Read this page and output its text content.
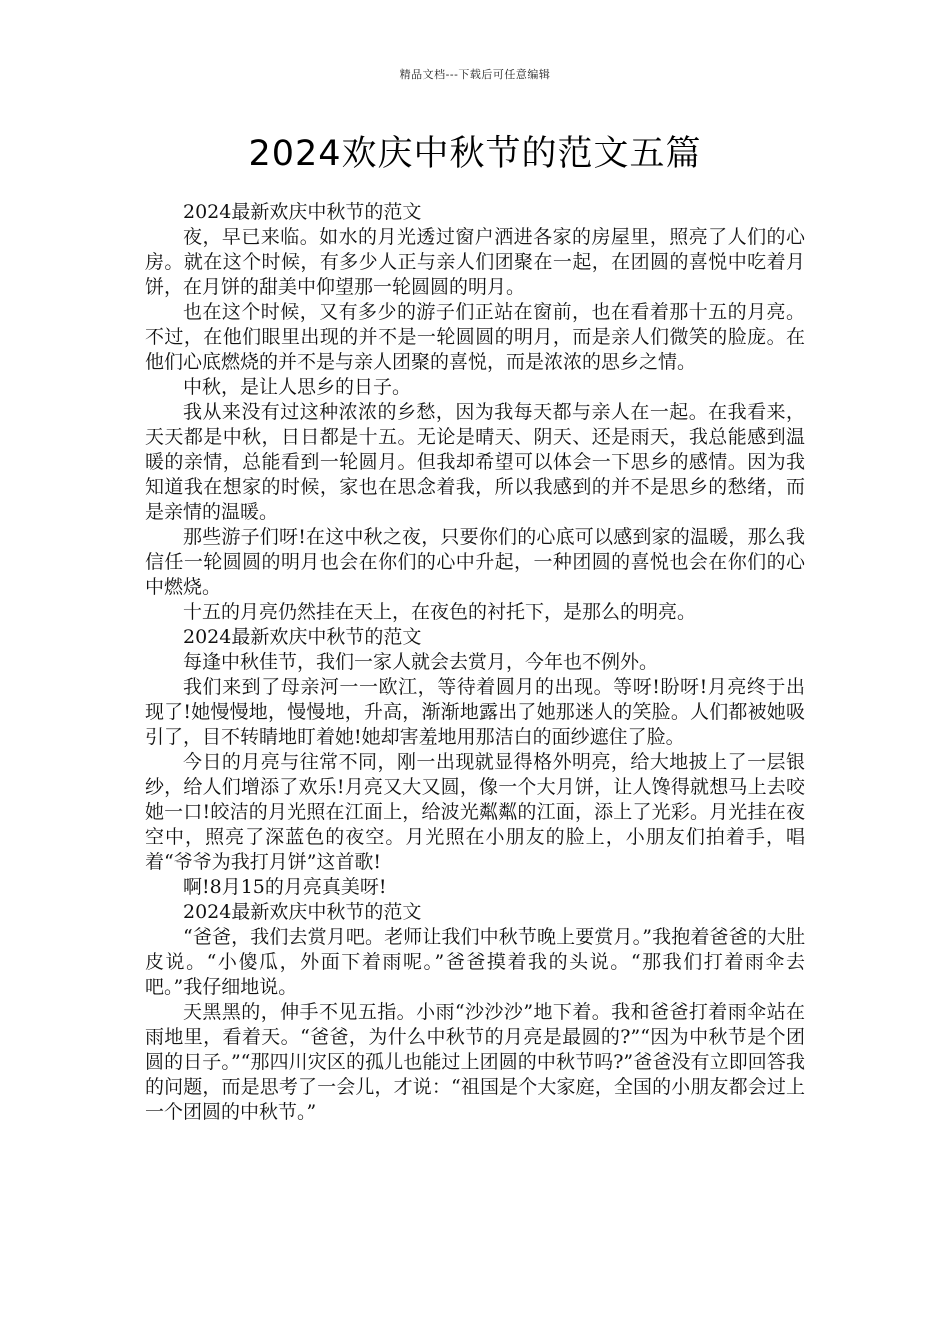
精品文档---下载后可任意编辑
2024欢庆中秋节的范文五篇

2024最新欢庆中秋节的范文

夜，早已来临。如水的月光透过窗户洒进各家的房屋里，照亮了人们的心房。就在这个时候，有多少人正与亲人们团聚在一起，在团圆的喜悦中吃着月饼，在月饼的甜美中仰望那一轮圆圆的明月。

也在这个时候，又有多少的游子们正站在窗前，也在看着那十五的月亮。不过，在他们眼里出现的并不是一轮圆圆的明月，而是亲人们微笑的脸庞。在他们心底燃烧的并不是与亲人团聚的喜悦，而是浓浓的思乡之情。

中秋，是让人思乡的日子。

我从来没有过这种浓浓的乡愁，因为我每天都与亲人在一起。在我看来，天天都是中秋，日日都是十五。无论是晴天、阴天、还是雨天，我总能感到温暖的亲情，总能看到一轮圆月。但我却希望可以体会一下思乡的感情。因为我知道我在想家的时候，家也在思念着我，所以我感到的并不是思乡的愁绪，而是亲情的温暖。

那些游子们呀!在这中秋之夜，只要你们的心底可以感到家的温暖，那么我信任一轮圆圆的明月也会在你们的心中升起，一种团圆的喜悦也会在你们的心中燃烧。

十五的月亮仍然挂在天上，在夜色的衬托下，是那么的明亮。

2024最新欢庆中秋节的范文

每逢中秋佳节，我们一家人就会去赏月，今年也不例外。

我们来到了母亲河一一欧江，等待着圆月的出现。等呀!盼呀!月亮终于出现了!她慢慢地，慢慢地，升高，渐渐地露出了她那迷人的笑脸。人们都被她吸引了，目不转睛地盯着她!她却害羞地用那洁白的面纱遮住了脸。

今日的月亮与往常不同，刚一出现就显得格外明亮，给大地披上了一层银纱，给人们增添了欢乐!月亮又大又圆，像一个大月饼，让人馋得就想马上去咬她一口!皎洁的月光照在江面上，给波光粼粼的江面，添上了光彩。月光挂在夜空中，照亮了深蓝色的夜空。月光照在小朋友的脸上，小朋友们拍着手，唱着“爷爷为我打月饼”这首歌!

啊!8月15的月亮真美呀!

2024最新欢庆中秋节的范文

“爸爸，我们去赏月吧。老师让我们中秋节晚上要赏月。”我抱着爸爸的大肚皮说。“小傻瓜，外面下着雨呢。”爸爸摸着我的头说。“那我们打着雨伞去吧。”我仔细地说。

天黑黑的，伸手不见五指。小雨“沙沙沙”地下着。我和爸爸打着雨伞站在雨地里，看着天。“爸爸，为什么中秋节的月亮是最圆的?”“因为中秋节是个团圆的日子。”“那四川灾区的孤儿也能过上团圆的中秋节吗?”爸爸没有立即回答我的问题，而是思考了一会儿，才说：“祖国是个大家庭，全国的小朋友都会过上一个团圆的中秋节。”
